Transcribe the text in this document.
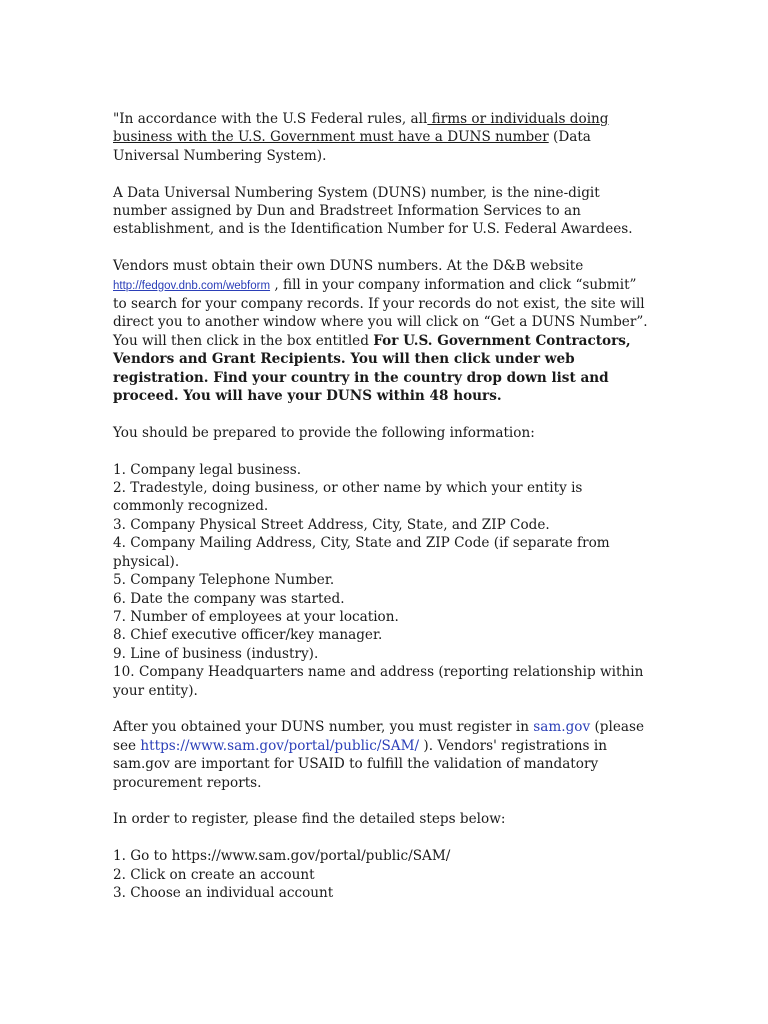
"In accordance with the U.S Federal rules, all firms or individuals doing business with the U.S. Government must have a DUNS number (Data Universal Numbering System).

A Data Universal Numbering System (DUNS) number, is the nine-digit number assigned by Dun and Bradstreet Information Services to an establishment, and is the Identification Number for U.S. Federal Awardees.

Vendors must obtain their own DUNS numbers. At the D&B website http://fedgov.dnb.com/webform , fill in your company information and click “submit” to search for your company records. If your records do not exist, the site will direct you to another window where you will click on “Get a DUNS Number”. You will then click in the box entitled For U.S. Government Contractors, Vendors and Grant Recipients. You will then click under web registration. Find your country in the country drop down list and proceed. You will have your DUNS within 48 hours.

You should be prepared to provide the following information:

1. Company legal business.
2. Tradestyle, doing business, or other name by which your entity is commonly recognized.
3. Company Physical Street Address, City, State, and ZIP Code.
4. Company Mailing Address, City, State and ZIP Code (if separate from physical).
5. Company Telephone Number.
6. Date the company was started.
7. Number of employees at your location.
8. Chief executive officer/key manager.
9. Line of business (industry).
10. Company Headquarters name and address (reporting relationship within your entity).

After you obtained your DUNS number, you must register in sam.gov (please see https://www.sam.gov/portal/public/SAM/ ). Vendors' registrations in sam.gov are important for USAID to fulfill the validation of mandatory procurement reports.

In order to register, please find the detailed steps below:

1. Go to https://www.sam.gov/portal/public/SAM/
2. Click on create an account
3. Choose an individual account
